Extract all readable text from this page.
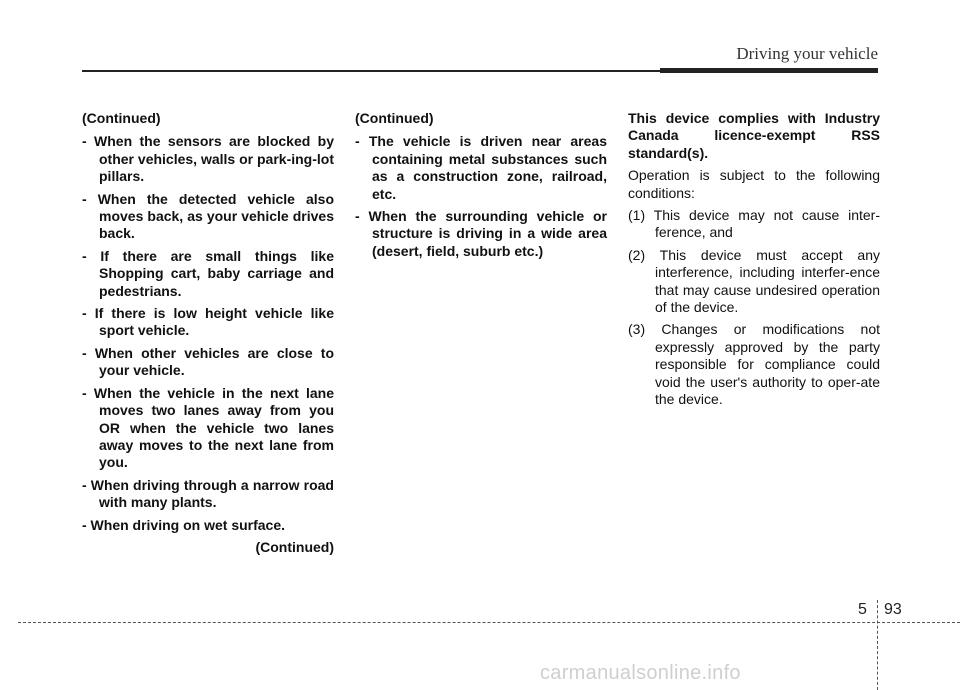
Driving your vehicle

(Continued)

- When the sensors are blocked by other vehicles, walls or park-ing-lot pillars.

- When the detected vehicle also moves back, as your vehicle drives back.

- If there are small things like Shopping cart, baby carriage and pedestrians.

- If there is low height vehicle like sport vehicle.

- When other vehicles are close to your vehicle.

- When the vehicle in the next lane moves two lanes away from you OR when the vehicle two lanes away moves to the next lane from you.

- When driving through a narrow road with many plants.

- When driving on wet surface.

(Continued)

(Continued)

- The vehicle is driven near areas containing metal substances such as a construction zone, railroad, etc.

- When the surrounding vehicle or structure is driving in a wide area (desert, field, suburb etc.)

This device complies with Industry Canada licence-exempt RSS standard(s).

Operation is subject to the following conditions:

(1) This device may not cause inter-ference, and

(2) This device must accept any interference, including interfer-ence that may cause undesired operation of the device.

(3) Changes or modifications not expressly approved by the party responsible for compliance could void the user's authority to oper-ate the device.

5 93
carmanualsonline.info
